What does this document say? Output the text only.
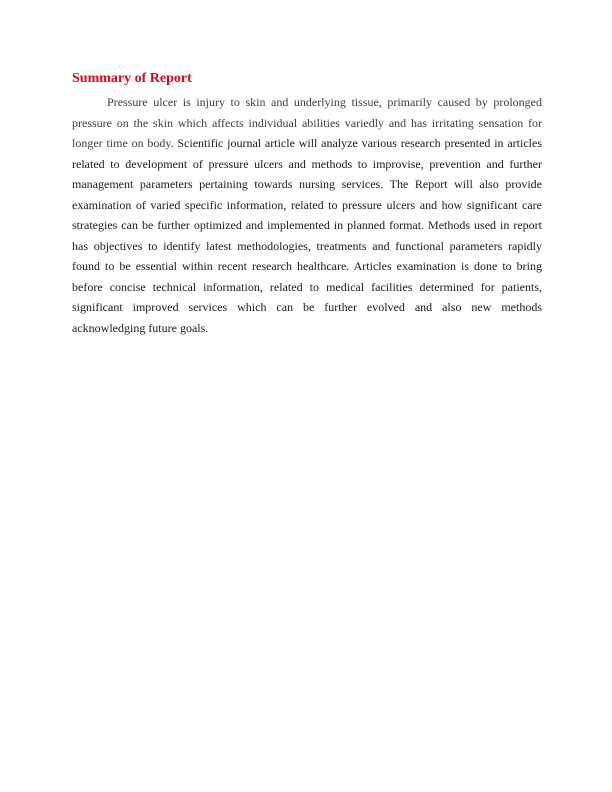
Summary of Report
Pressure ulcer is injury to skin and underlying tissue, primarily caused by prolonged
pressure on the skin which affects individual abilities variedly and has irritating sensation for
longer time on body. Scientific journal article will analyze various research presented in articles
related to development of pressure ulcers and methods to improvise, prevention and further
management parameters pertaining towards nursing services. The Report will also provide
examination of varied specific information, related to pressure ulcers and how significant care
strategies can be further optimized and implemented in planned format. Methods used in report
has objectives to identify latest methodologies, treatments and functional parameters rapidly
found to be essential within recent research healthcare. Articles examination is done to bring
before concise technical information, related to medical facilities determined for patients,
significant improved services which can be further evolved and also new methods
acknowledging future goals.
